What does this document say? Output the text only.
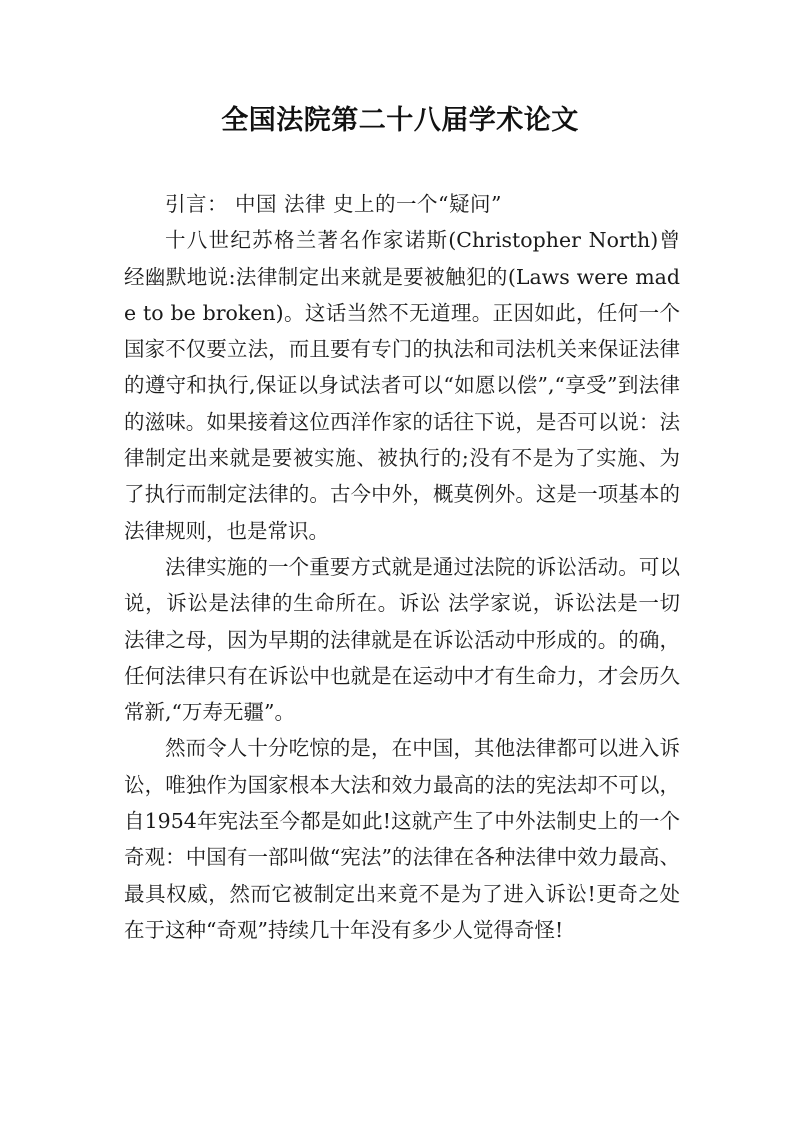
全国法院第二十八届学术论文

引言： 中国 法律 史上的一个“疑问”

十八世纪苏格兰著名作家诺斯(Christopher North)曾经幽默地说:法律制定出来就是要被触犯的(Laws were made to be broken)。这话当然不无道理。正因如此，任何一个国家不仅要立法，而且要有专门的执法和司法机关来保证法律的遵守和执行,保证以身试法者可以“如愿以偿”,“享受”到法律的滋味。如果接着这位西洋作家的话往下说，是否可以说：法律制定出来就是要被实施、被执行的;没有不是为了实施、为了执行而制定法律的。古今中外，概莫例外。这是一项基本的法律规则，也是常识。

法律实施的一个重要方式就是通过法院的诉讼活动。可以说，诉讼是法律的生命所在。诉讼 法学家说，诉讼法是一切法律之母，因为早期的法律就是在诉讼活动中形成的。的确，任何法律只有在诉讼中也就是在运动中才有生命力，才会历久常新,“万寿无疆”。

然而令人十分吃惊的是，在中国，其他法律都可以进入诉讼，唯独作为国家根本大法和效力最高的法的宪法却不可以，自1954年宪法至今都是如此!这就产生了中外法制史上的一个奇观：中国有一部叫做“宪法”的法律在各种法律中效力最高、最具权威，然而它被制定出来竟不是为了进入诉讼!更奇之处在于这种“奇观”持续几十年没有多少人觉得奇怪!
